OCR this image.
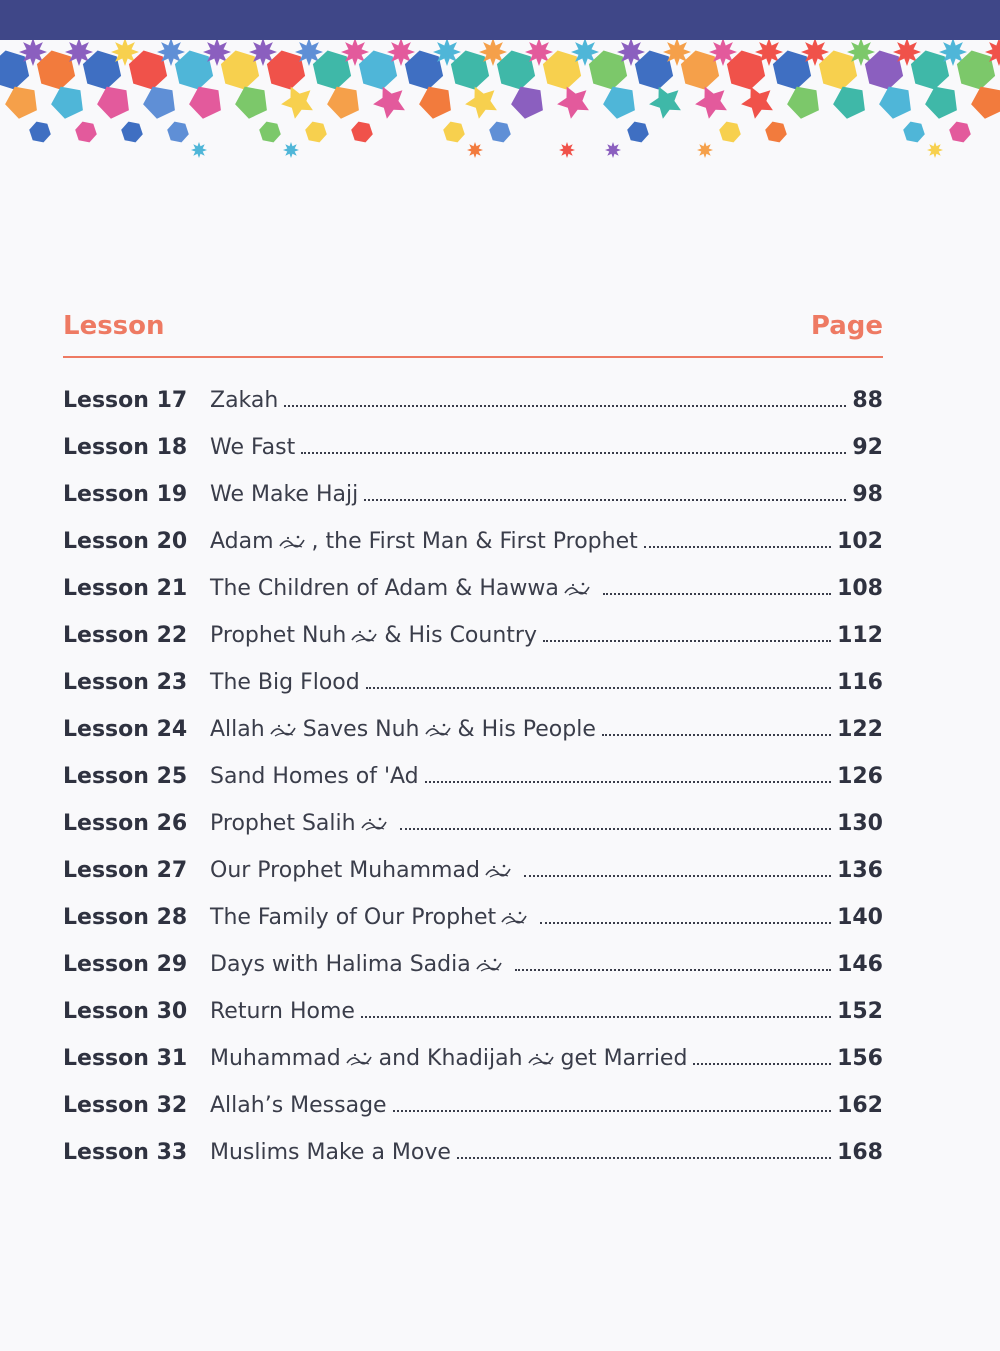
Lesson	Page
Lesson 17	Zakah	88
Lesson 18	We Fast	92
Lesson 19	We Make Hajj	98
Lesson 20	Adam , the First Man & First Prophet	102
Lesson 21	The Children of Adam & Hawwa	108
Lesson 22	Prophet Nuh & His Country	112
Lesson 23	The Big Flood	116
Lesson 24	Allah Saves Nuh & His People	122
Lesson 25	Sand Homes of 'Ad	126
Lesson 26	Prophet Salih	130
Lesson 27	Our Prophet Muhammad	136
Lesson 28	The Family of Our Prophet	140
Lesson 29	Days with Halima Sadia	146
Lesson 30	Return Home	152
Lesson 31	Muhammad and Khadijah get Married	156
Lesson 32	Allah’s Message	162
Lesson 33	Muslims Make a Move	168
